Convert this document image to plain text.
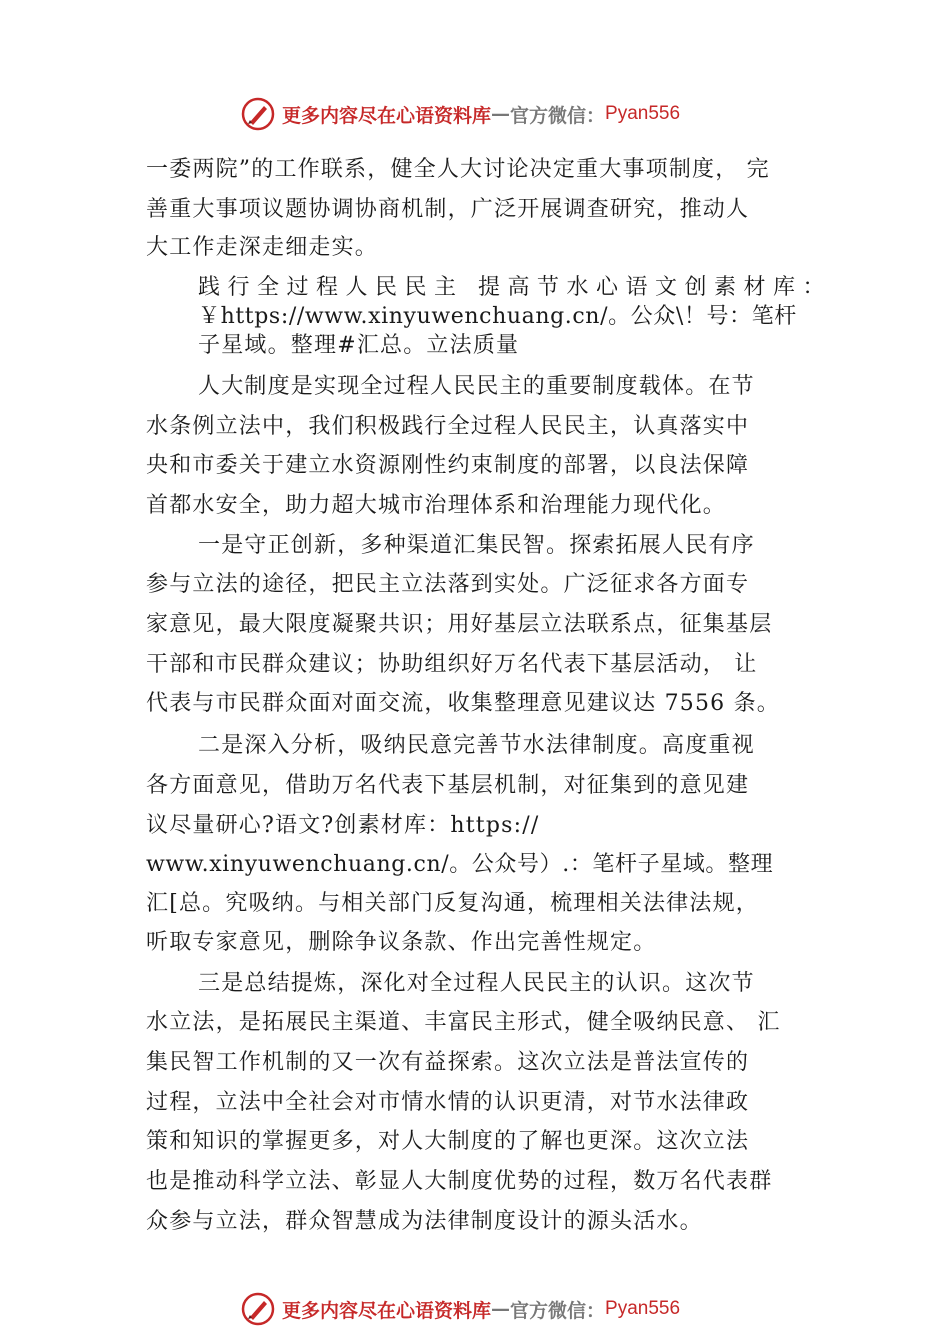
更多内容尽在心语资料库 — 官方微信： Pyan556
一委两院”的工作联系，健全人大讨论决定重大事项制度， 完
善重大事项议题协调协商机制，广泛开展调查研究，推动人
大工作走深走细走实。
践行全过程人民民主 提高节水心语文创素材库：
￥https://www.xinyuwenchuang.cn/。公众\！号：笔杆
子星域。整理#汇总。立法质量
人大制度是实现全过程人民民主的重要制度载体。在节
水条例立法中，我们积极践行全过程人民民主，认真落实中
央和市委关于建立水资源刚性约束制度的部署，以良法保障
首都水安全，助力超大城市治理体系和治理能力现代化。
一是守正创新，多种渠道汇集民智。探索拓展人民有序
参与立法的途径，把民主立法落到实处。广泛征求各方面专
家意见，最大限度凝聚共识；用好基层立法联系点，征集基层
干部和市民群众建议；协助组织好万名代表下基层活动， 让
代表与市民群众面对面交流，收集整理意见建议达 7556 条。
二是深入分析，吸纳民意完善节水法律制度。高度重视
各方面意见，借助万名代表下基层机制，对征集到的意见建
议尽量研心?语文?创素材库：https://
www.xinyuwenchuang.cn/。公众号）.：笔杆子星域。整理
汇[总。究吸纳。与相关部门反复沟通，梳理相关法律法规，
听取专家意见，删除争议条款、作出完善性规定。
三是总结提炼，深化对全过程人民民主的认识。这次节
水立法，是拓展民主渠道、丰富民主形式，健全吸纳民意、 汇
集民智工作机制的又一次有益探索。这次立法是普法宣传的
过程，立法中全社会对市情水情的认识更清，对节水法律政
策和知识的掌握更多，对人大制度的了解也更深。这次立法
也是推动科学立法、彰显人大制度优势的过程，数万名代表群
众参与立法，群众智慧成为法律制度设计的源头活水。
更多内容尽在心语资料库 — 官方微信： Pyan556
